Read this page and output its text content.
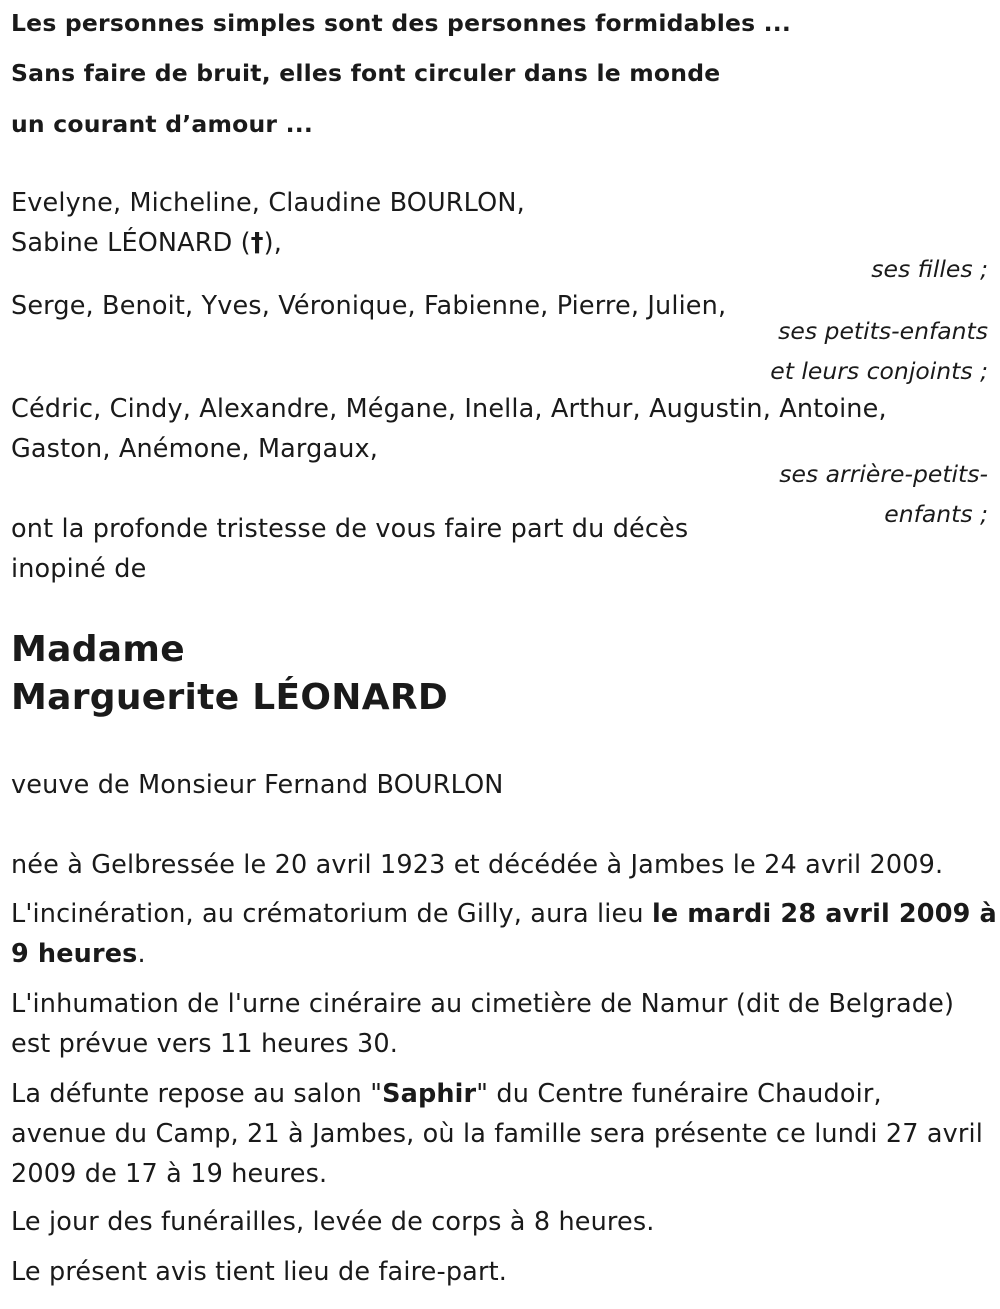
Les personnes simples sont des personnes formidables ...
Sans faire de bruit, elles font circuler dans le monde
un courant d’amour ...
Evelyne, Micheline, Claudine BOURLON,
Sabine LÉONARD (†),
ses filles ;
Serge, Benoit, Yves, Véronique, Fabienne, Pierre, Julien,
ses petits-enfants
et leurs conjoints ;
Cédric, Cindy, Alexandre, Mégane, Inella, Arthur, Augustin, Antoine,
Gaston, Anémone, Margaux,
ses arrière-petits-
enfants ;
ont la profonde tristesse de vous faire part du décès
inopiné de
Madame
Marguerite LÉONARD
veuve de Monsieur Fernand BOURLON
née à Gelbressée le 20 avril 1923 et décédée à Jambes le 24 avril 2009.
L'incinération, au crématorium de Gilly, aura lieu le mardi 28 avril 2009 à
9 heures.
L'inhumation de l'urne cinéraire au cimetière de Namur (dit de Belgrade)
est prévue vers 11 heures 30.
La défunte repose au salon "Saphir" du Centre funéraire Chaudoir,
avenue du Camp, 21 à Jambes, où la famille sera présente ce lundi 27 avril
2009 de 17 à 19 heures.
Le jour des funérailles, levée de corps à 8 heures.
Le présent avis tient lieu de faire-part.
